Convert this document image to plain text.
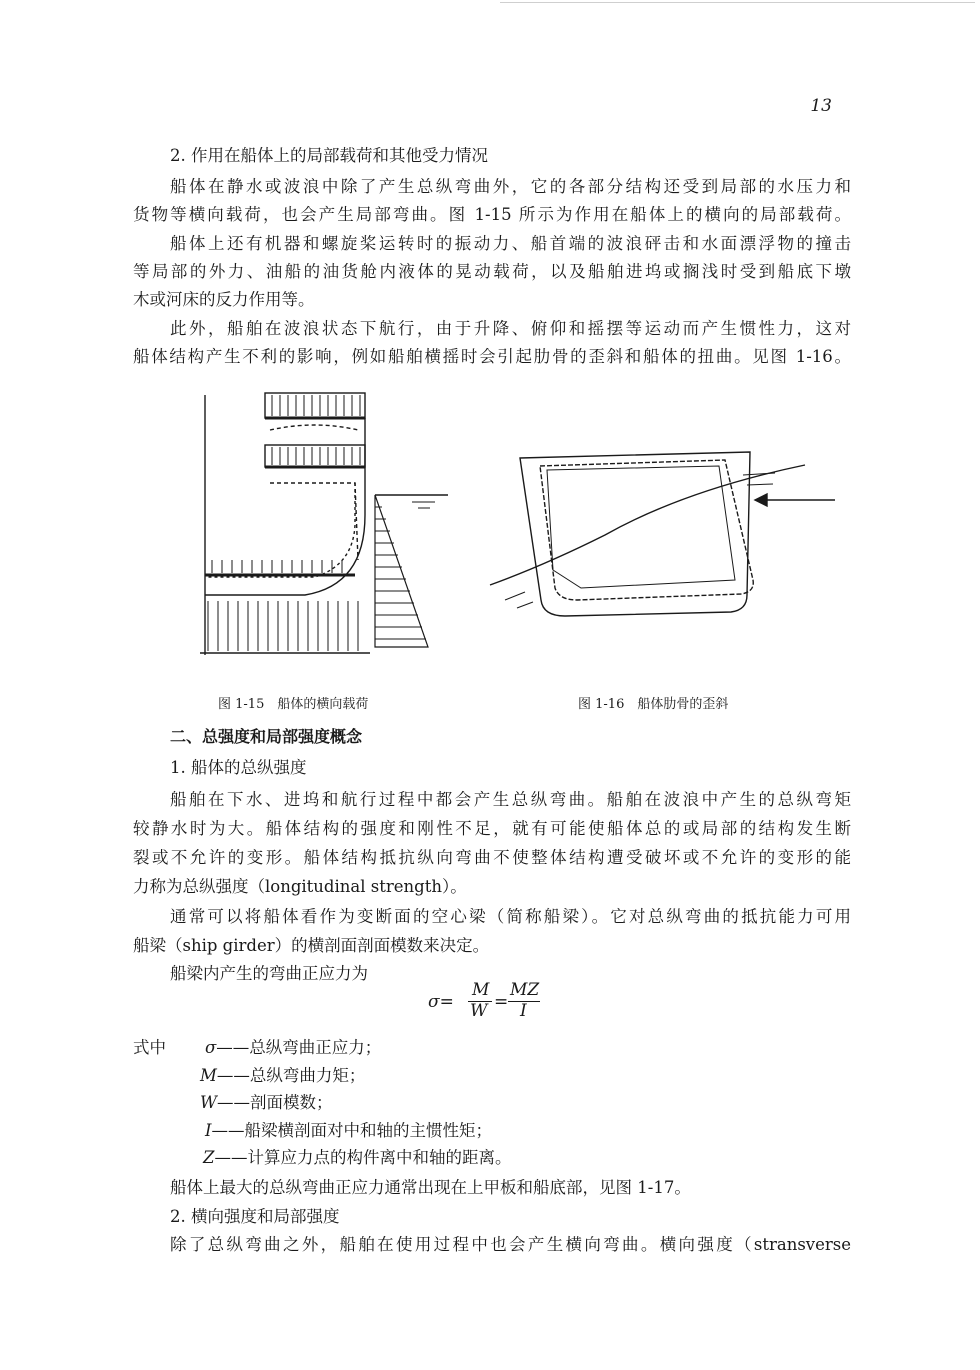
13
2. 作用在船体上的局部载荷和其他受力情况
船体在静水或波浪中除了产生总纵弯曲外，它的各部分结构还受到局部的水压力和
货物等横向载荷，也会产生局部弯曲。图 1-15 所示为作用在船体上的横向的局部载荷。
船体上还有机器和螺旋桨运转时的振动力、船首端的波浪砰击和水面漂浮物的撞击
等局部的外力、油船的油货舱内液体的晃动载荷，以及船舶进坞或搁浅时受到船底下墩
木或河床的反力作用等。
此外，船舶在波浪状态下航行，由于升降、俯仰和摇摆等运动而产生惯性力，这对
船体结构产生不利的影响，例如船舶横摇时会引起肋骨的歪斜和船体的扭曲。见图 1-16。
图 1-15　船体的横向载荷	图 1-16　船体肋骨的歪斜
二、总强度和局部强度概念
1. 船体的总纵强度
船舶在下水、进坞和航行过程中都会产生总纵弯曲。船舶在波浪中产生的总纵弯矩
较静水时为大。船体结构的强度和刚性不足，就有可能使船体总的或局部的结构发生断
裂或不允许的变形。船体结构抵抗纵向弯曲不使整体结构遭受破坏或不允许的变形的能
力称为总纵强度（longitudinal strength）。
通常可以将船体看作为变断面的空心梁（简称船梁）。它对总纵弯曲的抵抗能力可用
船梁（ship girder）的横剖面剖面模数来决定。
船梁内产生的弯曲正应力为
σ=
M
W =
MZ
I
式中 σ——总纵弯曲正应力；
M——总纵弯曲力矩；
W——剖面模数；
I——船梁横剖面对中和轴的主惯性矩；
Z——计算应力点的构件离中和轴的距离。
船体上最大的总纵弯曲正应力通常出现在上甲板和船底部，见图 1-17。
2. 横向强度和局部强度
除了总纵弯曲之外，船舶在使用过程中也会产生横向弯曲。横向强度（stransverse
